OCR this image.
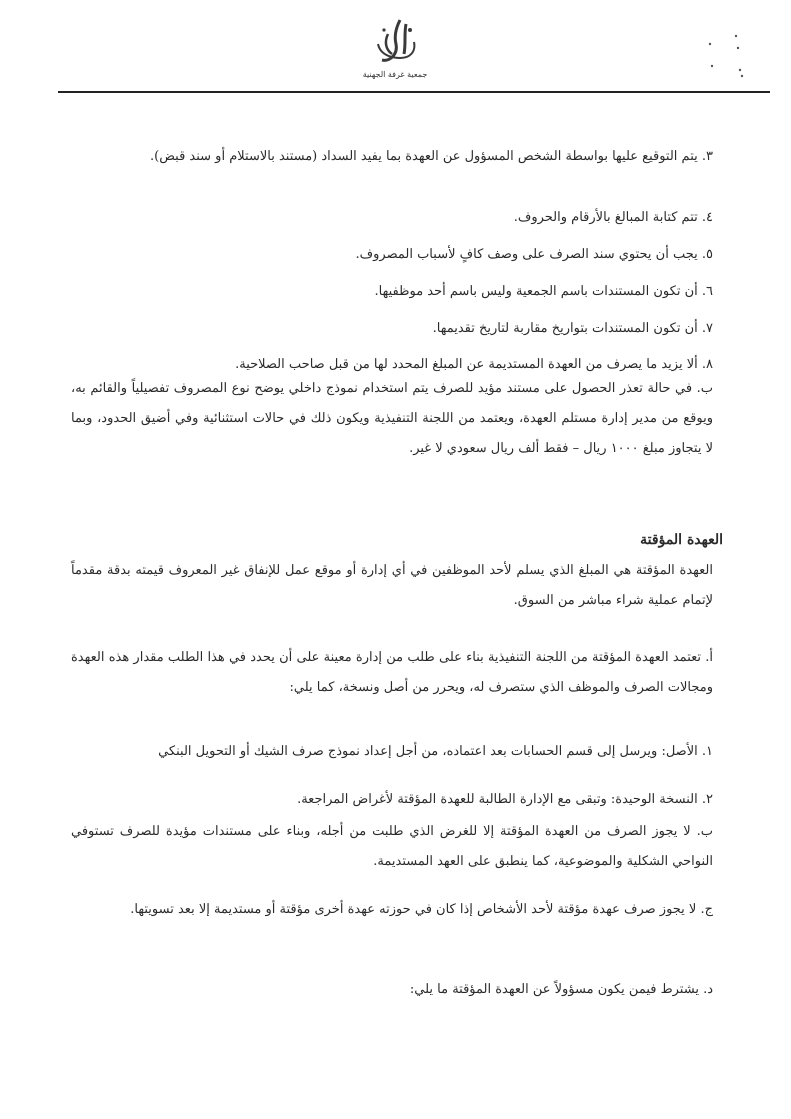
جمعية غرفة الجهنية
٣. يتم التوقيع عليها بواسطة الشخص المسؤول عن العهدة بما يفيد السداد (مستند بالاستلام أو سند قبض).
٤. تتم كتابة المبالغ بالأرقام والحروف.
٥. يجب أن يحتوي سند الصرف على وصف كافٍ لأسباب المصروف.
٦. أن تكون المستندات باسم الجمعية وليس باسم أحد موظفيها.
٧. أن تكون المستندات بتواريخ مقاربة لتاريخ تقديمها.
٨. ألا يزيد ما يصرف من العهدة المستديمة عن المبلغ المحدد لها من قبل صاحب الصلاحية.
ب. في حالة تعذر الحصول على مستند مؤيد للصرف يتم استخدام نموذج داخلي يوضح نوع المصروف تفصيلياً والقائم به، ويوقع من مدير إدارة مستلم العهدة، ويعتمد من اللجنة التنفيذية ويكون ذلك في حالات استثنائية وفي أضيق الحدود، وبما لا يتجاوز مبلغ ١٠٠٠ ريال – فقط ألف ريال سعودي لا غير.
العهدة المؤقتة
العهدة المؤقتة هي المبلغ الذي يسلم لأحد الموظفين في أي إدارة أو موقع عمل للإنفاق غير المعروف قيمته بدقة مقدماً لإتمام عملية شراء مباشر من السوق.
أ. تعتمد العهدة المؤقتة من اللجنة التنفيذية بناء على طلب من إدارة معينة على أن يحدد في هذا الطلب مقدار هذه العهدة ومجالات الصرف والموظف الذي ستصرف له، ويحرر من أصل ونسخة، كما يلي:
١. الأصل: ويرسل إلى قسم الحسابات بعد اعتماده، من أجل إعداد نموذج صرف الشيك أو التحويل البنكي
٢. النسخة الوحيدة: وتبقى مع الإدارة الطالبة للعهدة المؤقتة لأغراض المراجعة.
ب. لا يجوز الصرف من العهدة المؤقتة إلا للغرض الذي طلبت من أجله، وبناء على مستندات مؤيدة للصرف تستوفي النواحي الشكلية والموضوعية، كما ينطبق على العهد المستديمة.
ج. لا يجوز صرف عهدة مؤقتة لأحد الأشخاص إذا كان في حوزته عهدة أخرى مؤقتة أو مستديمة إلا بعد تسويتها.
د. يشترط فيمن يكون مسؤولاً عن العهدة المؤقتة ما يلي:
